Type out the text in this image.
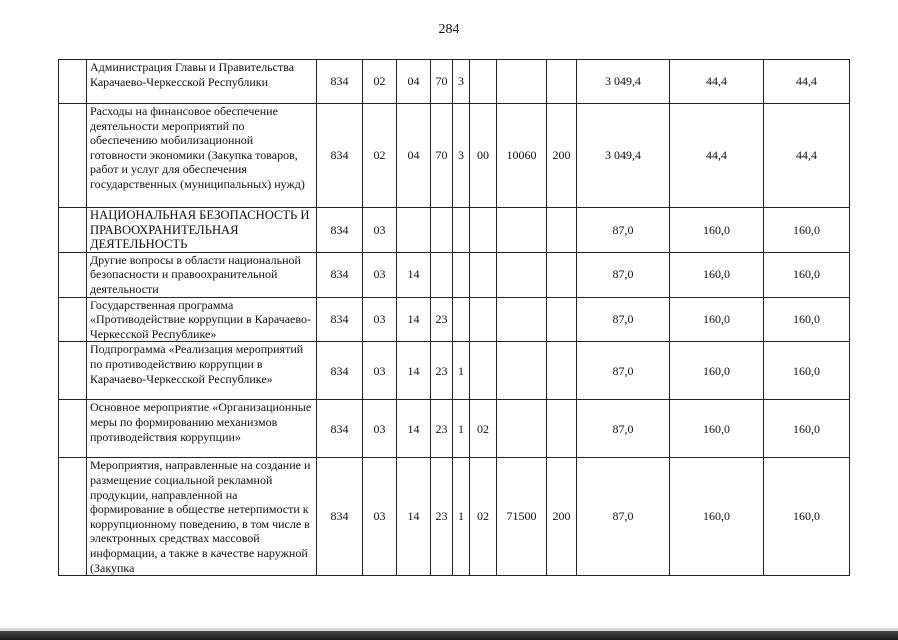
284
	Администрация Главы и Правительства Карачаево-Черкесской Республики	834	02	04	70	3				3 049,4	44,4	44,4
	Расходы на финансовое обеспечение деятельности мероприятий по обеспечению мобилизационной готовности экономики (Закупка товаров, работ и услуг для обеспечения государственных (муниципальных) нужд)	834	02	04	70	3	00	10060	200	3 049,4	44,4	44,4
	НАЦИОНАЛЬНАЯ БЕЗОПАСНОСТЬ И ПРАВООХРАНИТЕЛЬНАЯ ДЕЯТЕЛЬНОСТЬ	834	03							87,0	160,0	160,0
	Другие вопросы в области национальной безопасности и правоохранительной деятельности	834	03	14						87,0	160,0	160,0
	Государственная программа «Противодействие коррупции в Карачаево-Черкесской Республике»	834	03	14	23					87,0	160,0	160,0
	Подпрограмма «Реализация мероприятий по противодействию коррупции в Карачаево-Черкесской Республике»	834	03	14	23	1				87,0	160,0	160,0
	Основное мероприятие «Организационные меры по формированию механизмов противодействия коррупции»	834	03	14	23	1	02			87,0	160,0	160,0
	Мероприятия, направленные на создание и размещение социальной рекламной продукции, направленной на формирование в обществе нетерпимости к коррупционному поведению, в том числе в электронных средствах массовой информации, а также в качестве наружной (Закупка	834	03	14	23	1	02	71500	200	87,0	160,0	160,0
